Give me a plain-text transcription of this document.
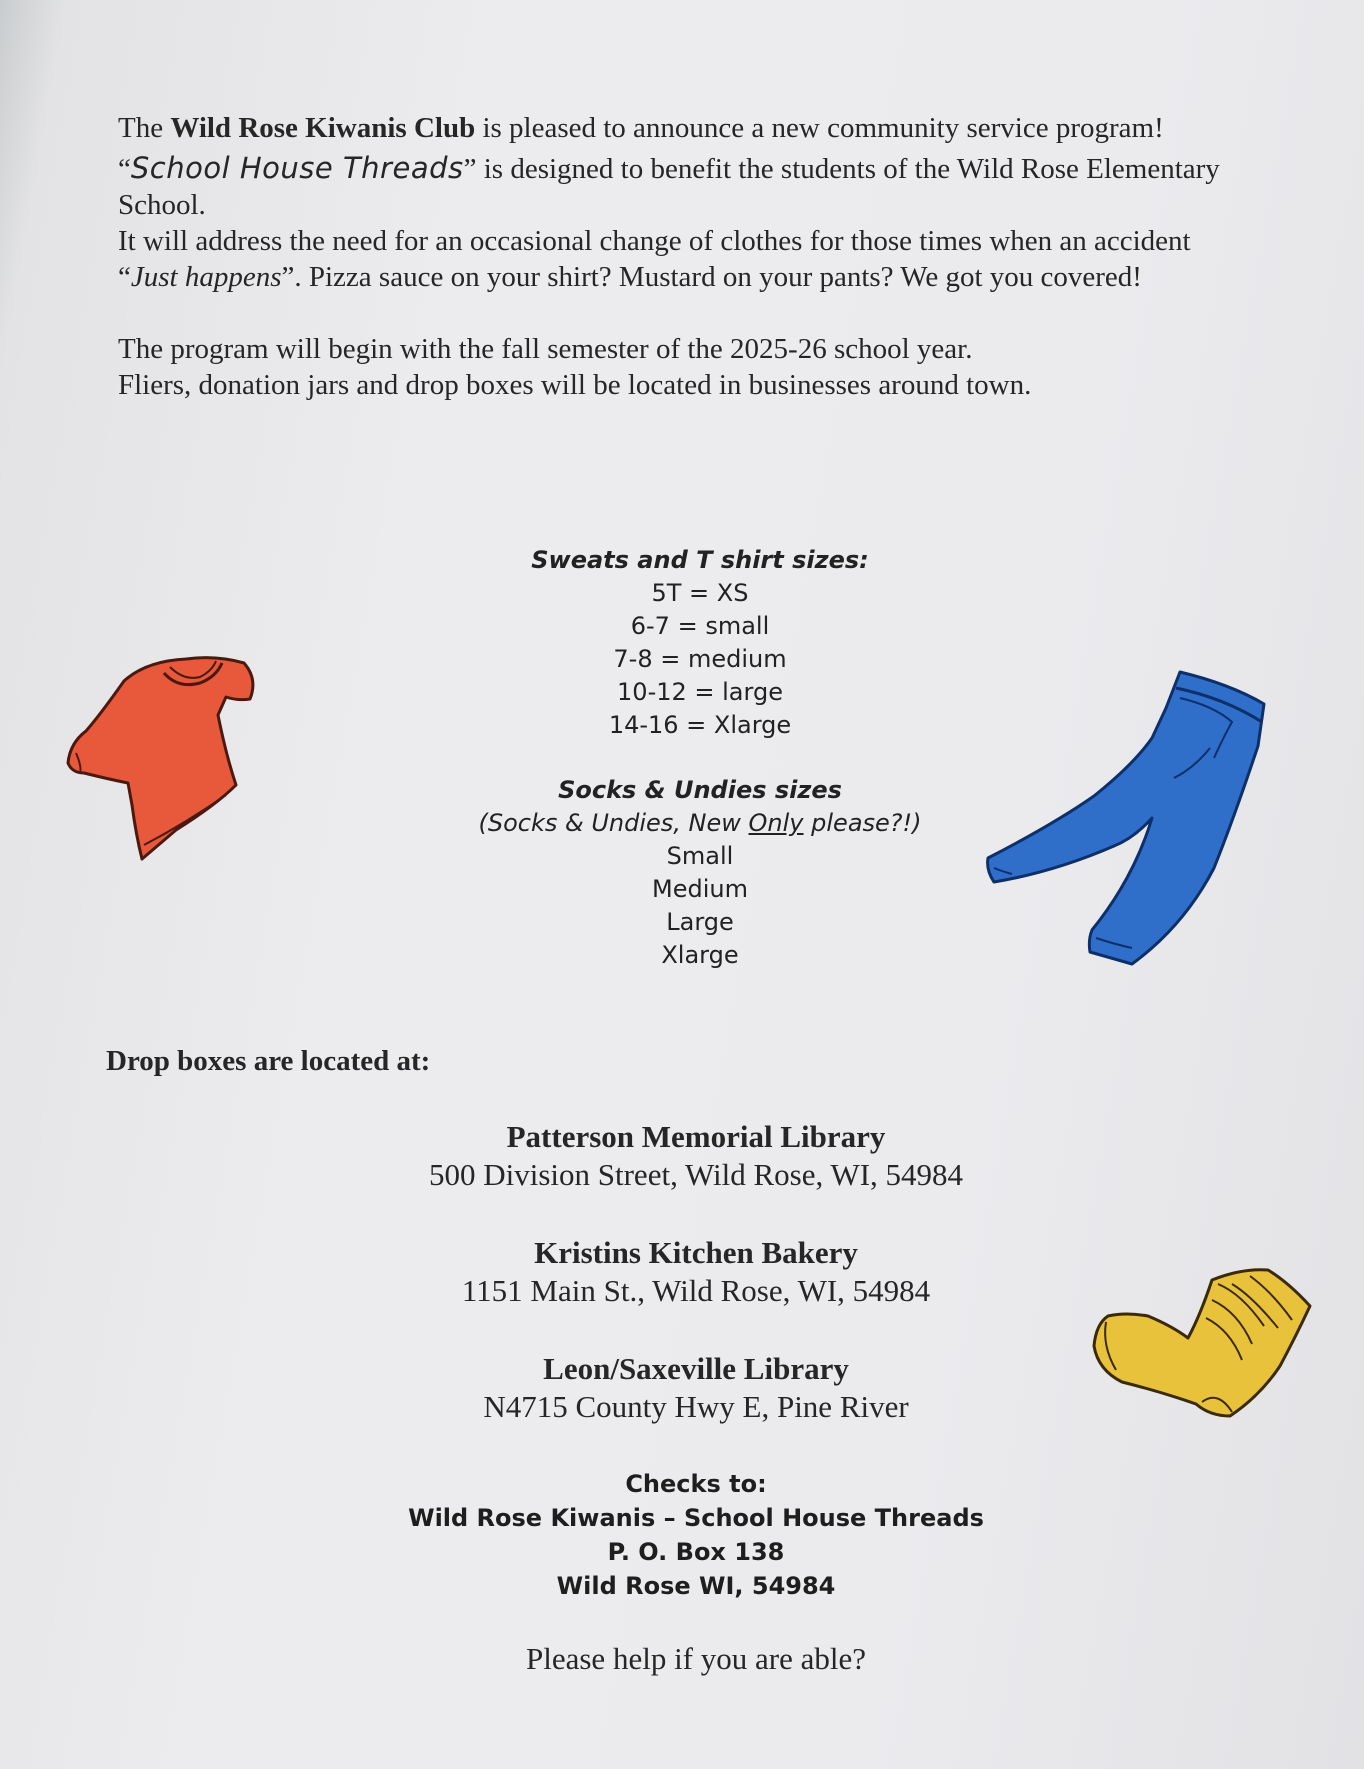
The Wild Rose Kiwanis Club is pleased to announce a new community service program!

“School House Threads” is designed to benefit the students of the Wild Rose Elementary School.

It will address the need for an occasional change of clothes for those times when an accident “Just happens”. Pizza sauce on your shirt? Mustard on your pants? We got you covered!

The program will begin with the fall semester of the 2025-26 school year.

Fliers, donation jars and drop boxes will be located in businesses around town.

Sweats and T shirt sizes:
5T = XS
6-7 = small
7-8 = medium
10-12 = large
14-16 = Xlarge
Socks & Undies sizes
(Socks & Undies, New Only please?!)
Small
Medium
Large
Xlarge
Drop boxes are located at:
Patterson Memorial Library
500 Division Street, Wild Rose, WI, 54984
Kristins Kitchen Bakery
1151 Main St., Wild Rose, WI, 54984
Leon/Saxeville Library
N4715 County Hwy E, Pine River
Checks to:
Wild Rose Kiwanis – School House Threads
P. O. Box 138
Wild Rose WI, 54984
Please help if you are able?
